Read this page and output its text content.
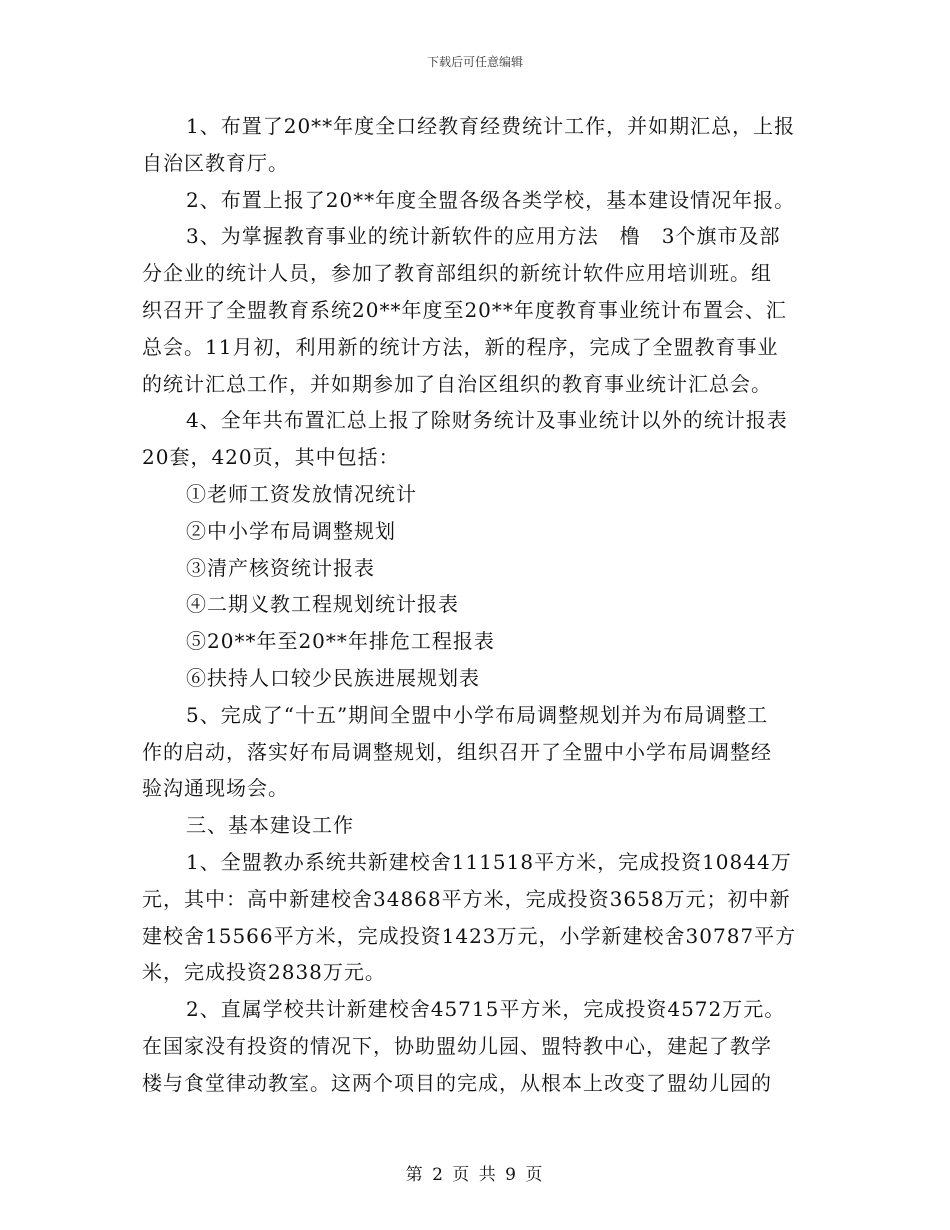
下载后可任意编辑
1、布置了20**年度全口经教育经费统计工作，并如期汇总，上报
自治区教育厅。
2、布置上报了20**年度全盟各级各类学校，基本建设情况年报。
3、为掌握教育事业的统计新软件的应用方法　橹　3个旗市及部
分企业的统计人员，参加了教育部组织的新统计软件应用培训班。组
织召开了全盟教育系统20**年度至20**年度教育事业统计布置会、汇
总会。11月初，利用新的统计方法，新的程序，完成了全盟教育事业
的统计汇总工作，并如期参加了自治区组织的教育事业统计汇总会。
4、全年共布置汇总上报了除财务统计及事业统计以外的统计报表
20套，420页，其中包括：
①老师工资发放情况统计
②中小学布局调整规划
③清产核资统计报表
④二期义教工程规划统计报表
⑤20**年至20**年排危工程报表
⑥扶持人口较少民族进展规划表
5、完成了“十五”期间全盟中小学布局调整规划并为布局调整工
作的启动，落实好布局调整规划，组织召开了全盟中小学布局调整经
验沟通现场会。
三、基本建设工作
1、全盟教办系统共新建校舍111518平方米，完成投资10844万
元，其中：高中新建校舍34868平方米，完成投资3658万元；初中新
建校舍15566平方米，完成投资1423万元，小学新建校舍30787平方
米，完成投资2838万元。
2、直属学校共计新建校舍45715平方米，完成投资4572万元。
在国家没有投资的情况下，协助盟幼儿园、盟特教中心，建起了教学
楼与食堂律动教室。这两个项目的完成，从根本上改变了盟幼儿园的
第 2 页 共 9 页
